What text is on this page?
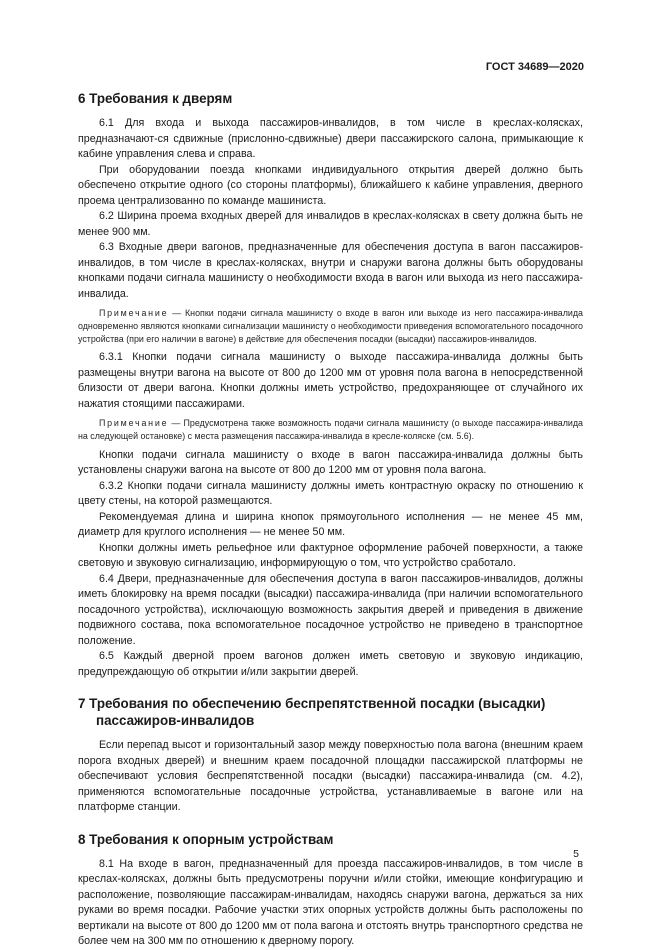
ГОСТ 34689—2020
6 Требования к дверям

6.1 Для входа и выхода пассажиров-инвалидов, в том числе в креслах-колясках, предназначают-ся сдвижные (прислонно-сдвижные) двери пассажирского салона, примыкающие к кабине управления слева и справа.

При оборудовании поезда кнопками индивидуального открытия дверей должно быть обеспечено открытие одного (со стороны платформы), ближайшего к кабине управления, дверного проема централизованно по команде машиниста.

6.2 Ширина проема входных дверей для инвалидов в креслах-колясках в свету должна быть не менее 900 мм.

6.3 Входные двери вагонов, предназначенные для обеспечения доступа в вагон пассажиров-инвалидов, в том числе в креслах-колясках, внутри и снаружи вагона должны быть оборудованы кнопками подачи сигнала машинисту о необходимости входа в вагон или выхода из него пассажира-инвалида.

Примечание — Кнопки подачи сигнала машинисту о входе в вагон или выходе из него пассажира-инвалида одновременно являются кнопками сигнализации машинисту о необходимости приведения вспомогательного посадочного устройства (при его наличии в вагоне) в действие для обеспечения посадки (высадки) пассажиров-инвалидов.

6.3.1 Кнопки подачи сигнала машинисту о выходе пассажира-инвалида должны быть размещены внутри вагона на высоте от 800 до 1200 мм от уровня пола вагона в непосредственной близости от двери вагона. Кнопки должны иметь устройство, предохраняющее от случайного их нажатия стоящими пассажирами.

Примечание — Предусмотрена также возможность подачи сигнала машинисту (о выходе пассажира-инвалида на следующей остановке) с места размещения пассажира-инвалида в кресле-коляске (см. 5.6).

Кнопки подачи сигнала машинисту о входе в вагон пассажира-инвалида должны быть установлены снаружи вагона на высоте от 800 до 1200 мм от уровня пола вагона.

6.3.2 Кнопки подачи сигнала машинисту должны иметь контрастную окраску по отношению к цвету стены, на которой размещаются.

Рекомендуемая длина и ширина кнопок прямоугольного исполнения — не менее 45 мм, диаметр для круглого исполнения — не менее 50 мм.

Кнопки должны иметь рельефное или фактурное оформление рабочей поверхности, а также световую и звуковую сигнализацию, информирующую о том, что устройство сработало.

6.4 Двери, предназначенные для обеспечения доступа в вагон пассажиров-инвалидов, должны иметь блокировку на время посадки (высадки) пассажира-инвалида (при наличии вспомогательного посадочного устройства), исключающую возможность закрытия дверей и приведения в движение подвижного состава, пока вспомогательное посадочное устройство не приведено в транспортное положение.

6.5 Каждый дверной проем вагонов должен иметь световую и звуковую индикацию, предупреждающую об открытии и/или закрытии дверей.

7 Требования по обеспечению беспрепятственной посадки (высадки)
пассажиров-инвалидов

Если перепад высот и горизонтальный зазор между поверхностью пола вагона (внешним краем порога входных дверей) и внешним краем посадочной площадки пассажирской платформы не обеспечивают условия беспрепятственной посадки (высадки) пассажира-инвалида (см. 4.2), применяются вспомогательные посадочные устройства, устанавливаемые в вагоне или на платформе станции.

8 Требования к опорным устройствам

8.1 На входе в вагон, предназначенный для проезда пассажиров-инвалидов, в том числе в креслах-колясках, должны быть предусмотрены поручни и/или стойки, имеющие конфигурацию и расположение, позволяющие пассажирам-инвалидам, находясь снаружи вагона, держаться за них руками во время посадки. Рабочие участки этих опорных устройств должны быть расположены по вертикали на высоте от 800 до 1200 мм от пола вагона и отстоять внутрь транспортного средства не более чем на 300 мм по отношению к дверному порогу.

5
